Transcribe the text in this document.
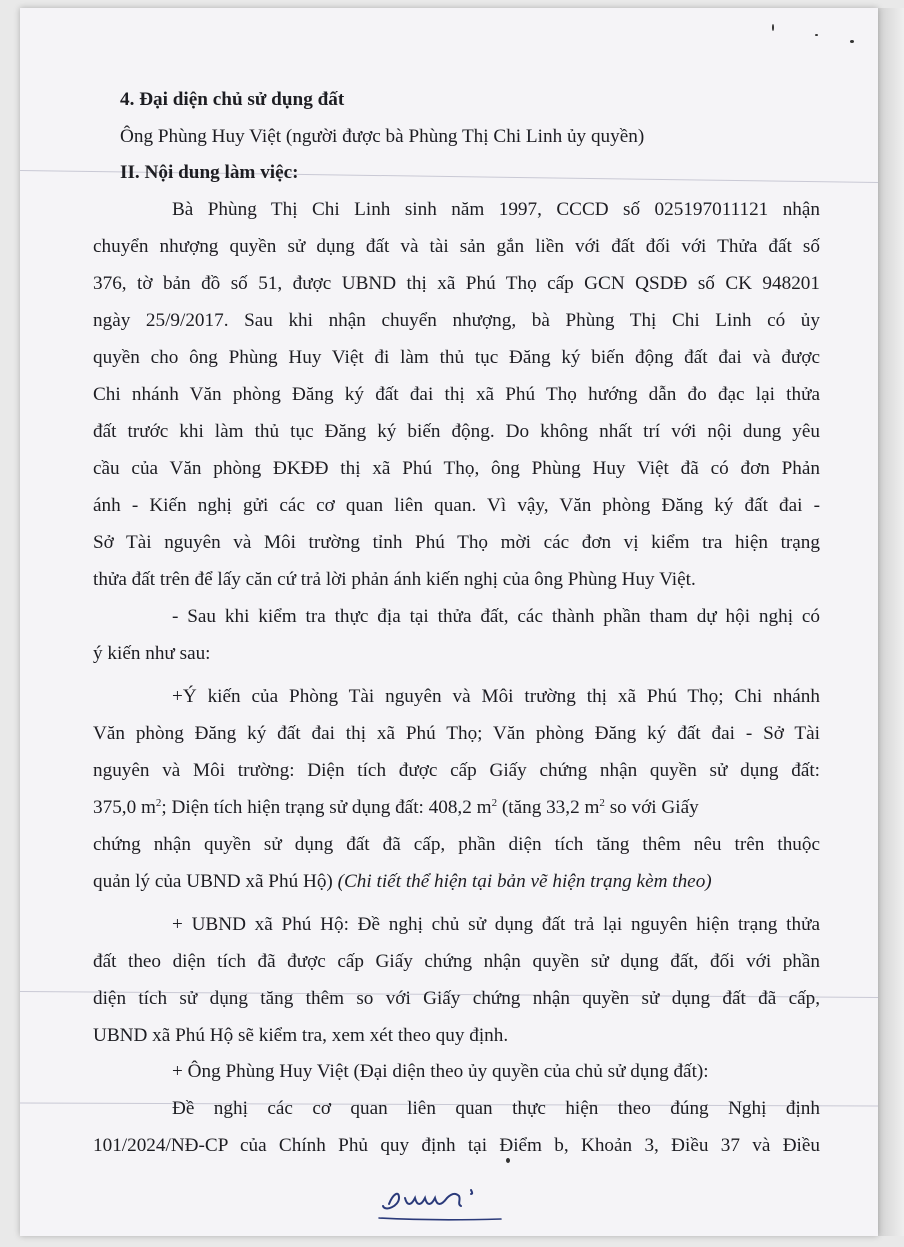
4. Đại diện chủ sử dụng đất
Ông Phùng Huy Việt (người được bà Phùng Thị Chi Linh ủy quyền)
II. Nội dung làm việc:
Bà Phùng Thị Chi Linh sinh năm 1997, CCCD số 025197011121 nhận
chuyển nhượng quyền sử dụng đất và tài sản gắn liền với đất đối với Thửa đất số
376, tờ bản đồ số 51, được UBND thị xã Phú Thọ cấp GCN QSDĐ số CK 948201
ngày 25/9/2017. Sau khi nhận chuyển nhượng, bà Phùng Thị Chi Linh có ủy
quyền cho ông Phùng Huy Việt đi làm thủ tục Đăng ký biến động đất đai và được
Chi nhánh Văn phòng Đăng ký đất đai thị xã Phú Thọ hướng dẫn đo đạc lại thửa
đất trước khi làm thủ tục Đăng ký biến động. Do không nhất trí với nội dung yêu
cầu của Văn phòng ĐKĐĐ thị xã Phú Thọ, ông Phùng Huy Việt đã có đơn Phản
ánh - Kiến nghị gửi các cơ quan liên quan. Vì vậy, Văn phòng Đăng ký đất đai -
Sở Tài nguyên và Môi trường tỉnh Phú Thọ mời các đơn vị kiểm tra hiện trạng
thửa đất trên để lấy căn cứ trả lời phản ánh kiến nghị của ông Phùng Huy Việt.
- Sau khi kiểm tra thực địa tại thửa đất, các thành phần tham dự hội nghị có
ý kiến như sau:
+Ý kiến của Phòng Tài nguyên và Môi trường thị xã Phú Thọ; Chi nhánh
Văn phòng Đăng ký đất đai thị xã Phú Thọ; Văn phòng Đăng ký đất đai - Sở Tài
nguyên và Môi trường: Diện tích được cấp Giấy chứng nhận quyền sử dụng đất:
375,0 $m^2$; Diện tích hiện trạng sử dụng đất: 408,2 $m^2$ (tăng 33,2 $m^2$ so với Giấy
chứng nhận quyền sử dụng đất đã cấp, phần diện tích tăng thêm nêu trên thuộc
quản lý của UBND xã Phú Hộ) (Chi tiết thể hiện tại bản vẽ hiện trạng kèm theo)
+ UBND xã Phú Hộ: Đề nghị chủ sử dụng đất trả lại nguyên hiện trạng thửa
đất theo diện tích đã được cấp Giấy chứng nhận quyền sử dụng đất, đối với phần
diện tích sử dụng tăng thêm so với Giấy chứng nhận quyền sử dụng đất đã cấp,
UBND xã Phú Hộ sẽ kiểm tra, xem xét theo quy định.
+ Ông Phùng Huy Việt (Đại diện theo ủy quyền của chủ sử dụng đất):
Đề nghị các cơ quan liên quan thực hiện theo đúng Nghị định
101/2024/NĐ-CP của Chính Phủ quy định tại Điểm b, Khoản 3, Điều 37 và Điều
